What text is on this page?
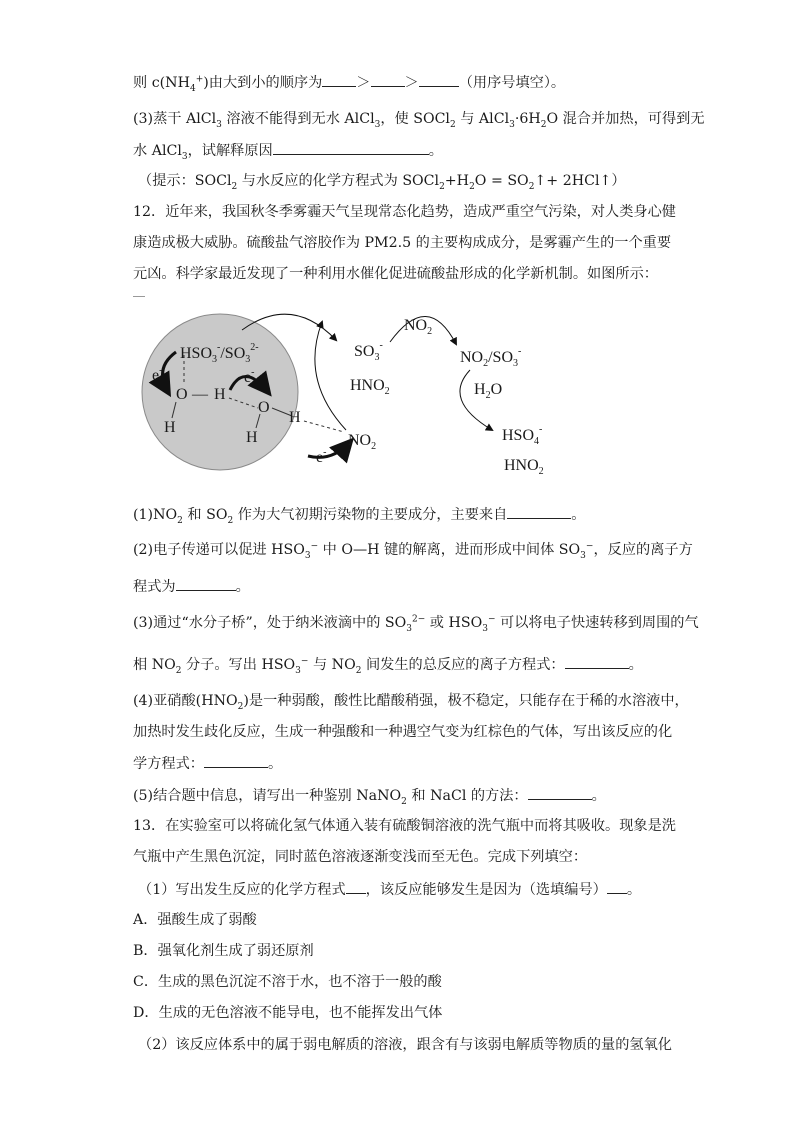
则 $c(NH_4^+)$由大到小的顺序为 ＞ ＞	（用序号填空）。
(3)蒸干 AlCl$_3$ 溶液不能得到无水 AlCl$_3$，使 SOCl$_2$ 与 $AlCl_3\cdot 6H_2O$ 混合并加热，可得到无
水 AlCl$_3$，试解释原因	。
（提示：SOCl$_2$ 与水反应的化学方程式为 $SOCl_2+H_2O$ = $SO_2↑+$ 2HCl↑）
12．近年来，我国秋冬季雾霾天气呈现常态化趋势，造成严重空气污染，对人类身心健
康造成极大威胁。硫酸盐气溶胶作为 PM2.5 的主要构成成分，是雾霾产生的一个重要
元凶。科学家最近发现了一种利用水催化促进硫酸盐形成的化学新机制。如图所示：
$HSO_3^-/SO_3^{2-}$
O — H
O
H
H
H
e-	e-
e-
$NO_2$
$SO_3^-$
$HNO_2$
$NO_2$
$NO_2/SO_3^-$
$H_2O$
$HSO_4^-$
$HNO_2$
$(1)NO_2$ 和 $SO_2$ 作为大气初期污染物的主要成分，主要来自	。
(2)电子传递可以促进 $HSO_3^-$ 中 O—H 键的解离，进而形成中间体 $SO_3^-$，反应的离子方
程式为	。
(3)通过“水分子桥”，处于纳米液滴中的 $SO_3^{2-}$ 或 $HSO_3^-$ 可以将电子快速转移到周围的气
相 $NO_2$ 分子。写出 $HSO_3^-$ 与 $NO_2$ 间发生的总反应的离子方程式：	。
(4)亚硝酸$(HNO_2)$是一种弱酸，酸性比醋酸稍强，极不稳定，只能存在于稀的水溶液中，
加热时发生歧化反应，生成一种强酸和一种遇空气变为红棕色的气体，写出该反应的化
学方程式：	。
(5)结合题中信息，请写出一种鉴别 NaNO$_2$ 和 NaCl 的方法：	。
13．在实验室可以将硫化氢气体通入装有硫酸铜溶液的洗气瓶中而将其吸收。现象是洗
气瓶中产生黑色沉淀，同时蓝色溶液逐渐变浅而至无色。完成下列填空：
（1）写出发生反应的化学方程式 ，该反应能够发生是因为（选填编号） 。
A．强酸生成了弱酸
B．强氧化剂生成了弱还原剂
C．生成的黑色沉淀不溶于水，也不溶于一般的酸
D．生成的无色溶液不能导电，也不能挥发出气体
（2）该反应体系中的属于弱电解质的溶液，跟含有与该弱电解质等物质的量的氢氧化
